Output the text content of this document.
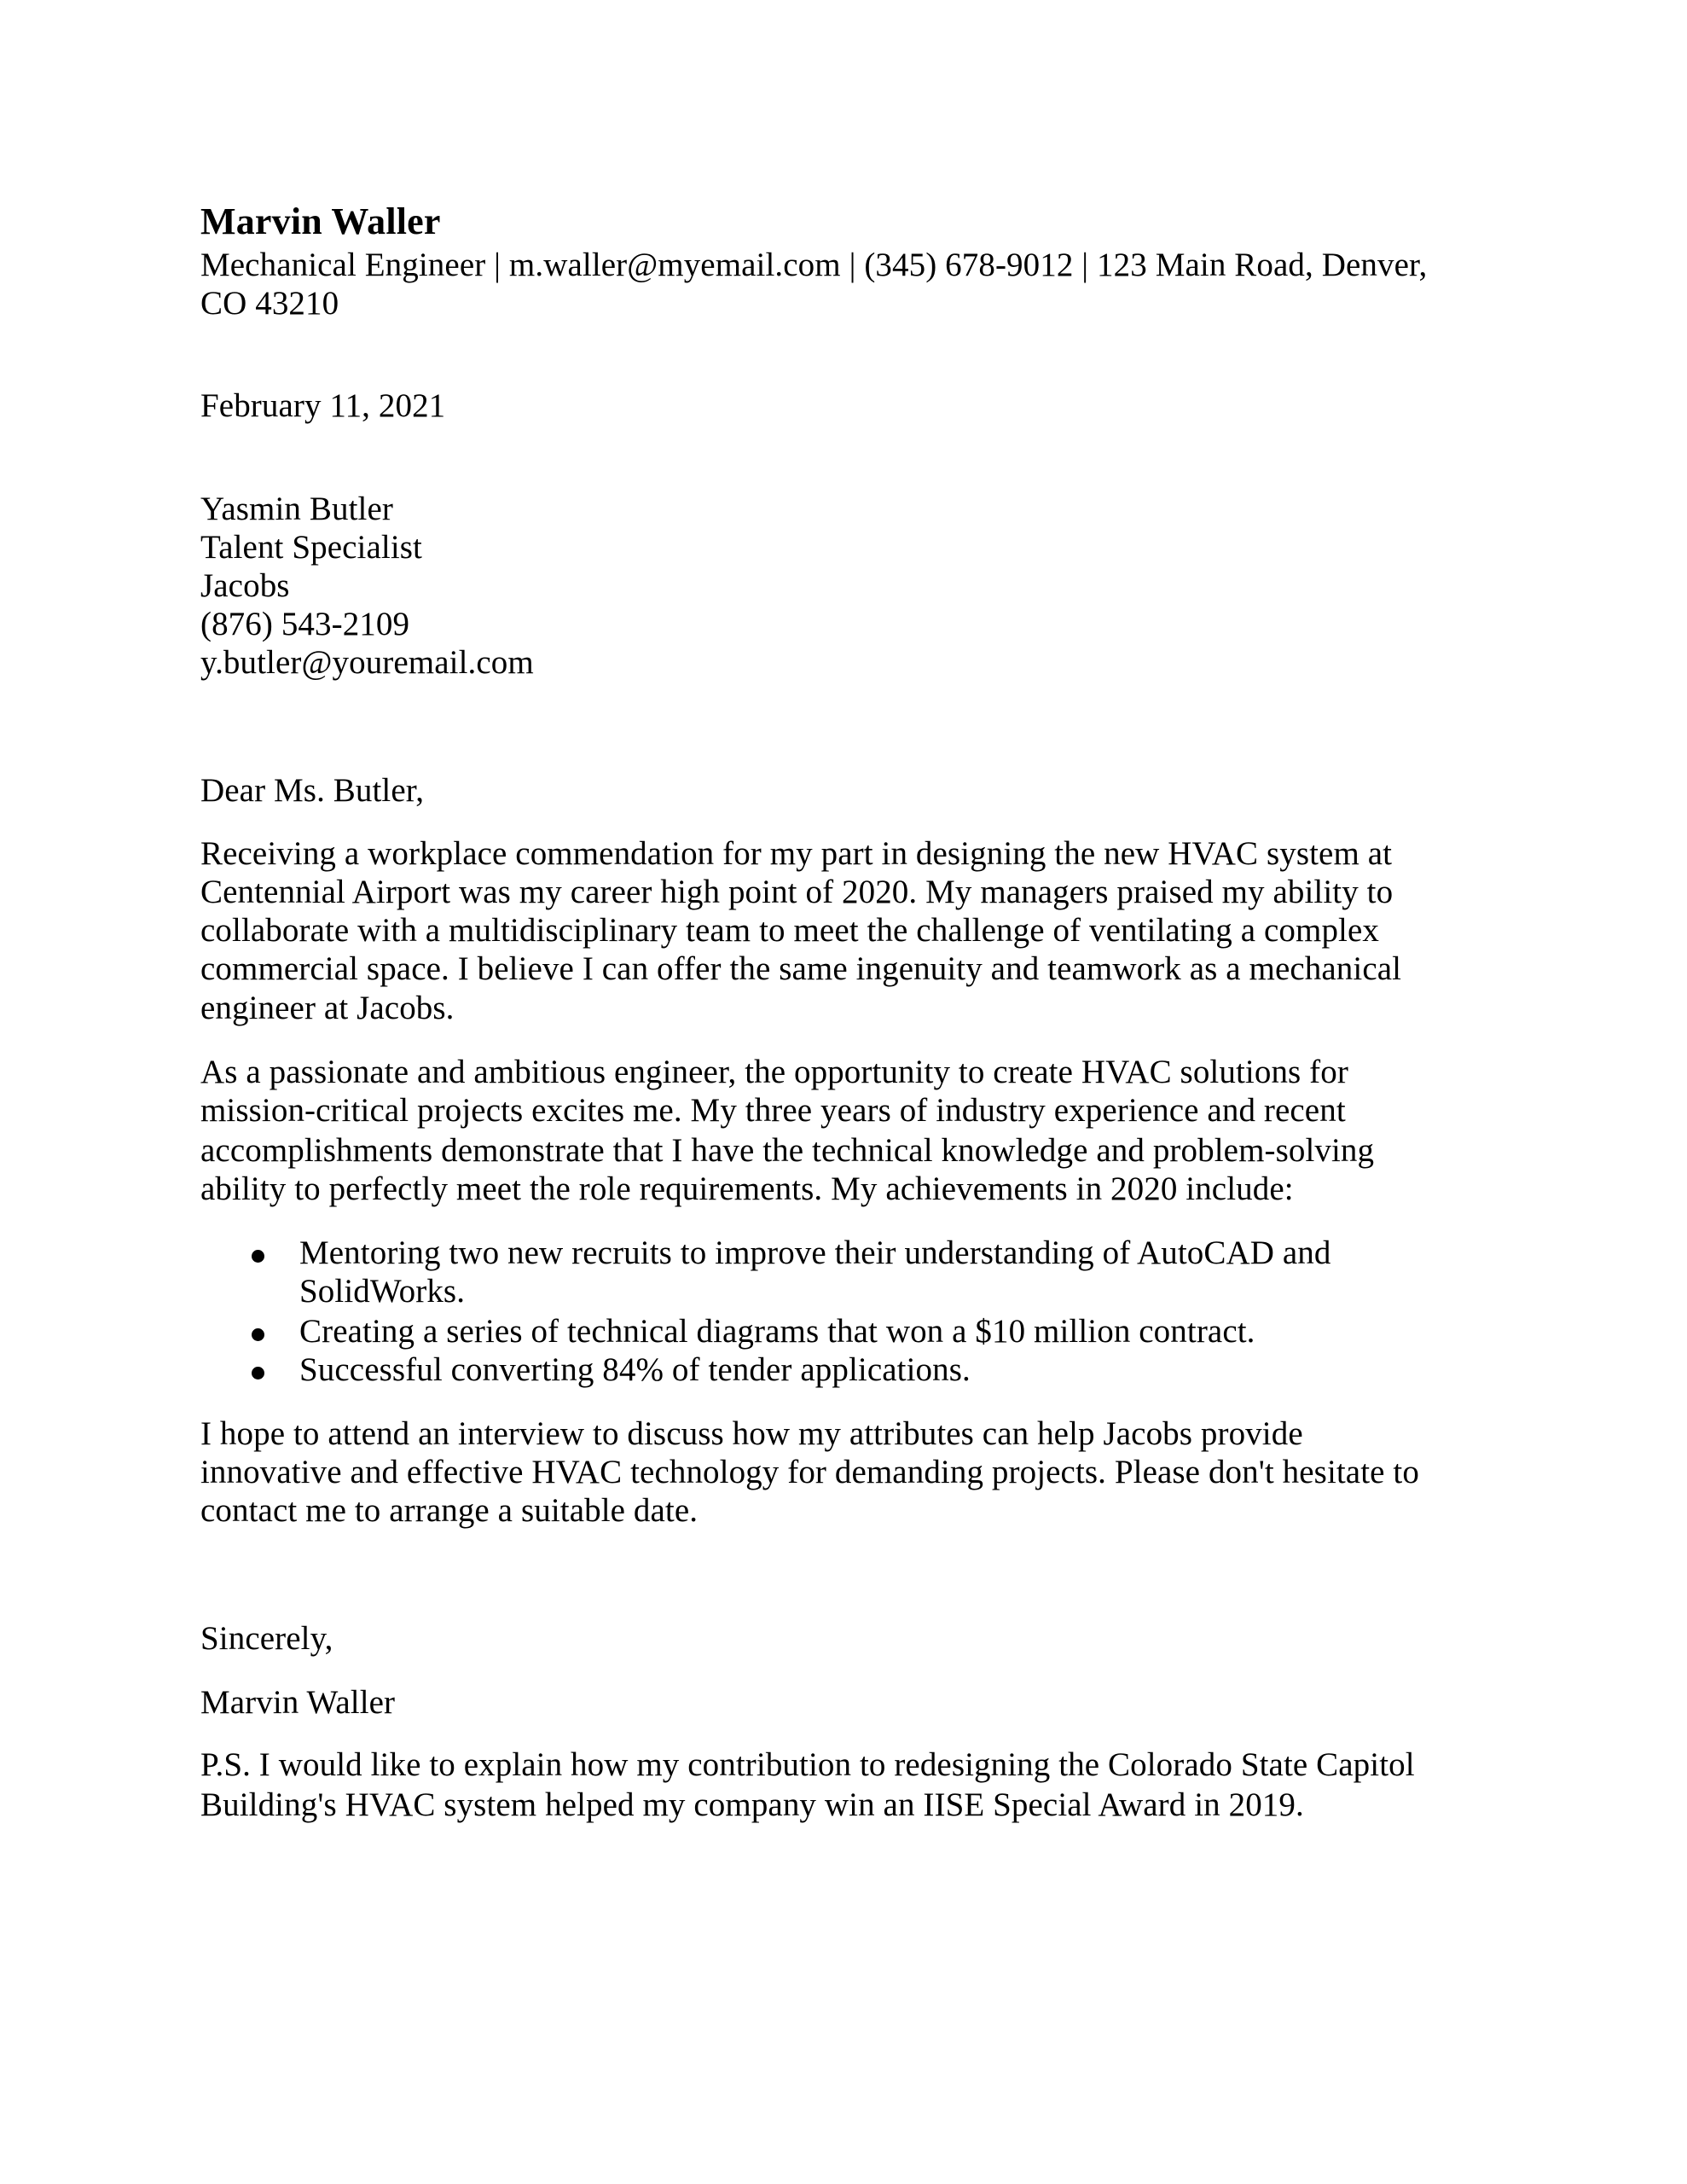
Marvin Waller
Mechanical Engineer | m.waller@myemail.com | (345) 678-9012 | 123 Main Road, Denver,
CO 43210
February 11, 2021
Yasmin Butler
Talent Specialist
Jacobs
(876) 543-2109
y.butler@youremail.com
Dear Ms. Butler,
Receiving a workplace commendation for my part in designing the new HVAC system at
Centennial Airport was my career high point of 2020. My managers praised my ability to
collaborate with a multidisciplinary team to meet the challenge of ventilating a complex
commercial space. I believe I can offer the same ingenuity and teamwork as a mechanical
engineer at Jacobs.
As a passionate and ambitious engineer, the opportunity to create HVAC solutions for
mission-critical projects excites me. My three years of industry experience and recent
accomplishments demonstrate that I have the technical knowledge and problem-solving
ability to perfectly meet the role requirements. My achievements in 2020 include:
Mentoring two new recruits to improve their understanding of AutoCAD and
SolidWorks.
Creating a series of technical diagrams that won a $10 million contract.
Successful converting 84% of tender applications.
I hope to attend an interview to discuss how my attributes can help Jacobs provide
innovative and effective HVAC technology for demanding projects. Please don't hesitate to
contact me to arrange a suitable date.
Sincerely,
Marvin Waller
P.S. I would like to explain how my contribution to redesigning the Colorado State Capitol
Building's HVAC system helped my company win an IISE Special Award in 2019.
